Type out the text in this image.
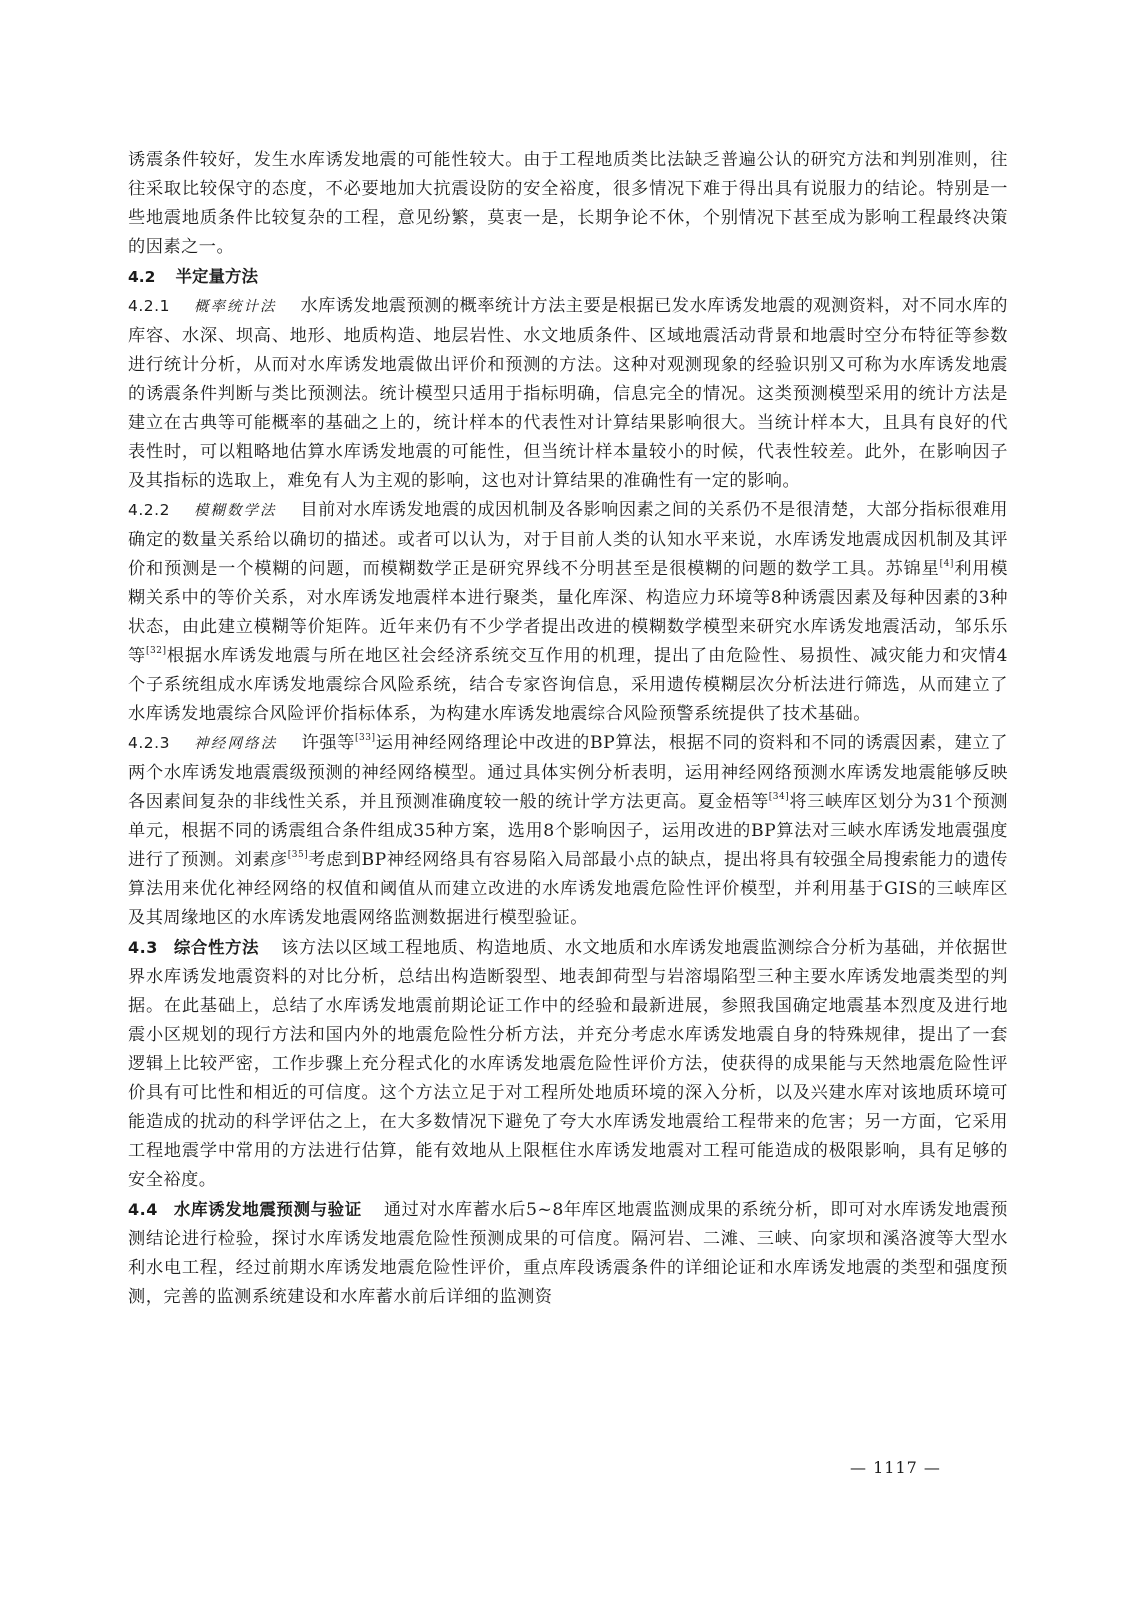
诱震条件较好，发生水库诱发地震的可能性较大。由于工程地质类比法缺乏普遍公认的研究方法和判别准则，往往采取比较保守的态度，不必要地加大抗震设防的安全裕度，很多情况下难于得出具有说服力的结论。特别是一些地震地质条件比较复杂的工程，意见纷繁，莫衷一是，长期争论不休，个别情况下甚至成为影响工程最终决策的因素之一。

4.2 半定量方法

4.2.1 概率统计法 水库诱发地震预测的概率统计方法主要是根据已发水库诱发地震的观测资料，对不同水库的库容、水深、坝高、地形、地质构造、地层岩性、水文地质条件、区域地震活动背景和地震时空分布特征等参数进行统计分析，从而对水库诱发地震做出评价和预测的方法。这种对观测现象的经验识别又可称为水库诱发地震的诱震条件判断与类比预测法。统计模型只适用于指标明确，信息完全的情况。这类预测模型采用的统计方法是建立在古典等可能概率的基础之上的，统计样本的代表性对计算结果影响很大。当统计样本大，且具有良好的代表性时，可以粗略地估算水库诱发地震的可能性，但当统计样本量较小的时候，代表性较差。此外，在影响因子及其指标的选取上，难免有人为主观的影响，这也对计算结果的准确性有一定的影响。

4.2.2 模糊数学法 目前对水库诱发地震的成因机制及各影响因素之间的关系仍不是很清楚，大部分指标很难用确定的数量关系给以确切的描述。或者可以认为，对于目前人类的认知水平来说，水库诱发地震成因机制及其评价和预测是一个模糊的问题，而模糊数学正是研究界线不分明甚至是很模糊的问题的数学工具。苏锦星[4]利用模糊关系中的等价关系，对水库诱发地震样本进行聚类，量化库深、构造应力环境等8种诱震因素及每种因素的3种状态，由此建立模糊等价矩阵。近年来仍有不少学者提出改进的模糊数学模型来研究水库诱发地震活动，邹乐乐等[32]根据水库诱发地震与所在地区社会经济系统交互作用的机理，提出了由危险性、易损性、减灾能力和灾情4个子系统组成水库诱发地震综合风险系统，结合专家咨询信息，采用遗传模糊层次分析法进行筛选，从而建立了水库诱发地震综合风险评价指标体系，为构建水库诱发地震综合风险预警系统提供了技术基础。

4.2.3 神经网络法 许强等[33]运用神经网络理论中改进的BP算法，根据不同的资料和不同的诱震因素，建立了两个水库诱发地震震级预测的神经网络模型。通过具体实例分析表明，运用神经网络预测水库诱发地震能够反映各因素间复杂的非线性关系，并且预测准确度较一般的统计学方法更高。夏金梧等[34]将三峡库区划分为31个预测单元，根据不同的诱震组合条件组成35种方案，选用8个影响因子，运用改进的BP算法对三峡水库诱发地震强度进行了预测。刘素彦[35]考虑到BP神经网络具有容易陷入局部最小点的缺点，提出将具有较强全局搜索能力的遗传算法用来优化神经网络的权值和阈值从而建立改进的水库诱发地震危险性评价模型，并利用基于GIS的三峡库区及其周缘地区的水库诱发地震网络监测数据进行模型验证。

4.3 综合性方法 该方法以区域工程地质、构造地质、水文地质和水库诱发地震监测综合分析为基础，并依据世界水库诱发地震资料的对比分析，总结出构造断裂型、地表卸荷型与岩溶塌陷型三种主要水库诱发地震类型的判据。在此基础上，总结了水库诱发地震前期论证工作中的经验和最新进展，参照我国确定地震基本烈度及进行地震小区规划的现行方法和国内外的地震危险性分析方法，并充分考虑水库诱发地震自身的特殊规律，提出了一套逻辑上比较严密，工作步骤上充分程式化的水库诱发地震危险性评价方法，使获得的成果能与天然地震危险性评价具有可比性和相近的可信度。这个方法立足于对工程所处地质环境的深入分析，以及兴建水库对该地质环境可能造成的扰动的科学评估之上，在大多数情况下避免了夸大水库诱发地震给工程带来的危害；另一方面，它采用工程地震学中常用的方法进行估算，能有效地从上限框住水库诱发地震对工程可能造成的极限影响，具有足够的安全裕度。

4.4 水库诱发地震预测与验证 通过对水库蓄水后5~8年库区地震监测成果的系统分析，即可对水库诱发地震预测结论进行检验，探讨水库诱发地震危险性预测成果的可信度。隔河岩、二滩、三峡、向家坝和溪洛渡等大型水利水电工程，经过前期水库诱发地震危险性评价，重点库段诱震条件的详细论证和水库诱发地震的类型和强度预测，完善的监测系统建设和水库蓄水前后详细的监测资

— 1117 —
